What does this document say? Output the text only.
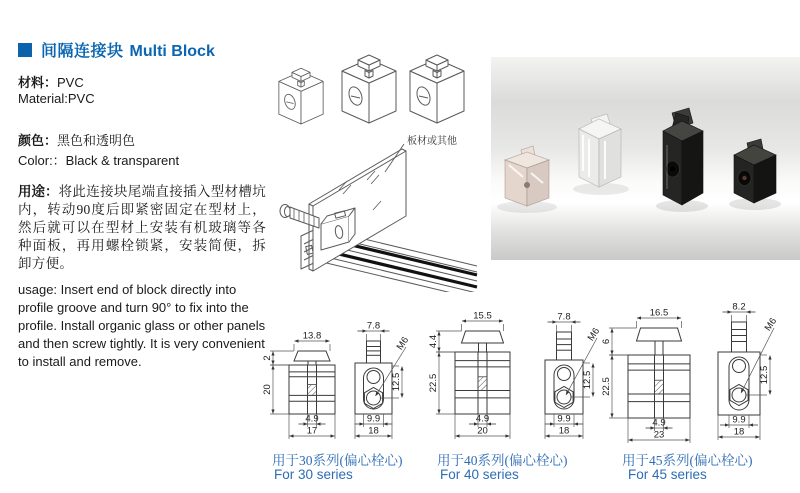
间隔连接块 Multi Block
材料：PVC
Material:PVC
颜色：黑色和透明色
Color:：Black & transparent

用途：将此连接块尾端直接插入型材槽坑内，转动90度后即紧密固定在型材上，然后就可以在型材上安装有机玻璃等各种面板，再用螺栓锁紧，安装简便，拆卸方便。

usage: Insert end of block directly into profile groove and turn 90° to fix into the profile. Install organic glass or other panels and then screw tightly. It is very convenient to install and remove.

板材或其他
13.8
2
20
4.9
17
M6
7.8
12.5
9.9
18
15.5
4.4
22.5
4.9
20
M6
7.8
12.5
9.9
18
16.5
6
22.5
4.9
23
M6
8.2
12.5
9.9
18
用于30系列(偏心栓心)
For 30 series
用于40系列(偏心栓心)
For 40 series
用于45系列(偏心栓心)
For 45 series
